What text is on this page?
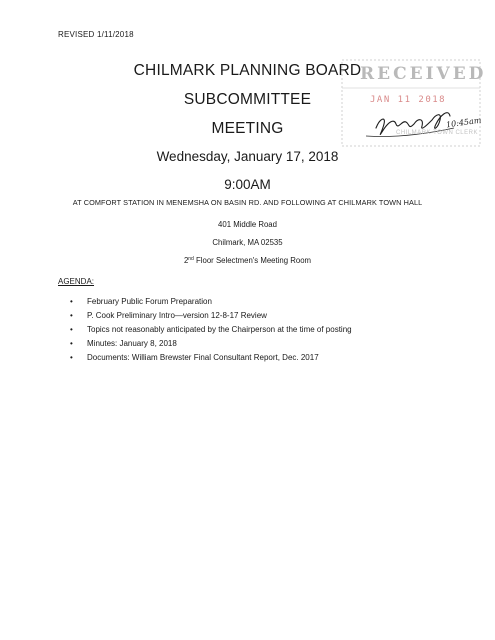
REVISED 1/11/2018
CHILMARK PLANNING BOARD
SUBCOMMITTEE
MEETING
Wednesday, January 17, 2018
9:00AM
AT COMFORT STATION IN MENEMSHA ON BASIN RD. AND FOLLOWING AT CHILMARK TOWN HALL
401 Middle Road
Chilmark, MA 02535
2nd Floor Selectmen's Meeting Room
AGENDA:
• February Public Forum Preparation
• P. Cook Preliminary Intro—version 12-8-17 Review
• Topics not reasonably anticipated by the Chairperson at the time of posting
• Minutes: January 8, 2018
• Documents: William Brewster Final Consultant Report, Dec. 2017
RECEIVED
JAN 11 2018
CHILMARK TOWN CLERK
10:45am
